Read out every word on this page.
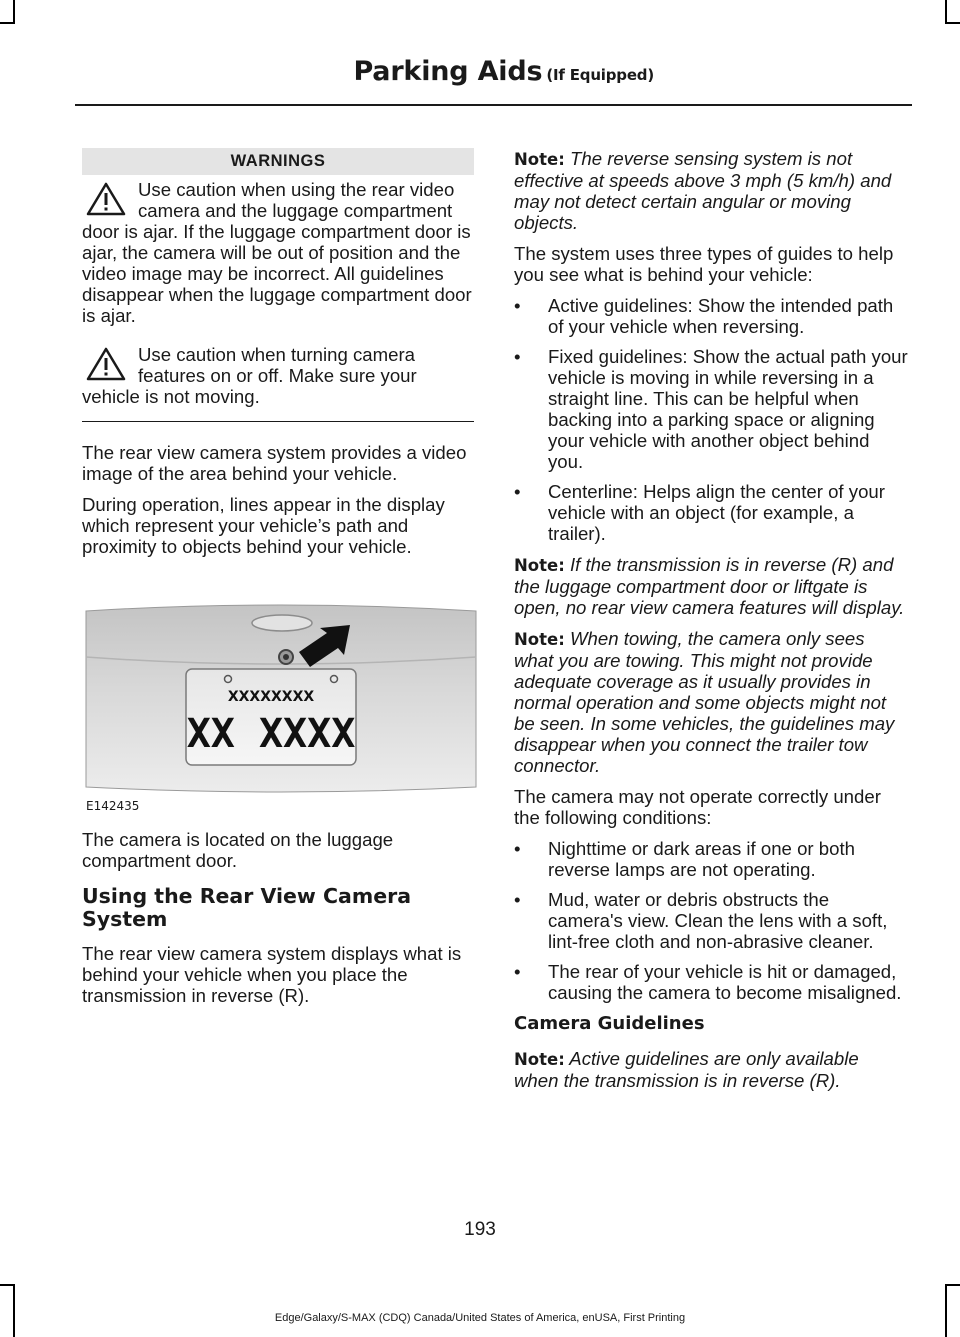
Parking Aids (If Equipped)
WARNINGS
Use caution when using the rear video camera and the luggage compartment door is ajar. If the luggage compartment door is ajar, the camera will be out of position and the video image may be incorrect. All guidelines disappear when the luggage compartment door is ajar.
Use caution when turning camera features on or off. Make sure your vehicle is not moving.

The rear view camera system provides a video image of the area behind your vehicle.

During operation, lines appear in the display which represent your vehicle’s path and proximity to objects behind your vehicle.

XXXXXXXX
XX XXXX
E142435

The camera is located on the luggage compartment door.

Using the Rear View Camera System

The rear view camera system displays what is behind your vehicle when you place the transmission in reverse (R).

Note: The reverse sensing system is not effective at speeds above 3 mph (5 km/h) and may not detect certain angular or moving objects.

The system uses three types of guides to help you see what is behind your vehicle:

• Active guidelines: Show the intended path of your vehicle when reversing.
• Fixed guidelines: Show the actual path your vehicle is moving in while reversing in a straight line. This can be helpful when backing into a parking space or aligning your vehicle with another object behind you.
• Centerline: Helps align the center of your vehicle with an object (for example, a trailer).

Note: If the transmission is in reverse (R) and the luggage compartment door or liftgate is open, no rear view camera features will display.

Note: When towing, the camera only sees what you are towing. This might not provide adequate coverage as it usually provides in normal operation and some objects might not be seen. In some vehicles, the guidelines may disappear when you connect the trailer tow connector.

The camera may not operate correctly under the following conditions:

• Nighttime or dark areas if one or both reverse lamps are not operating.
• Mud, water or debris obstructs the camera's view. Clean the lens with a soft, lint-free cloth and non-abrasive cleaner.
• The rear of your vehicle is hit or damaged, causing the camera to become misaligned.
Camera Guidelines

Note: Active guidelines are only available when the transmission is in reverse (R).

193
Edge/Galaxy/S-MAX (CDQ) Canada/United States of America, enUSA, First Printing
